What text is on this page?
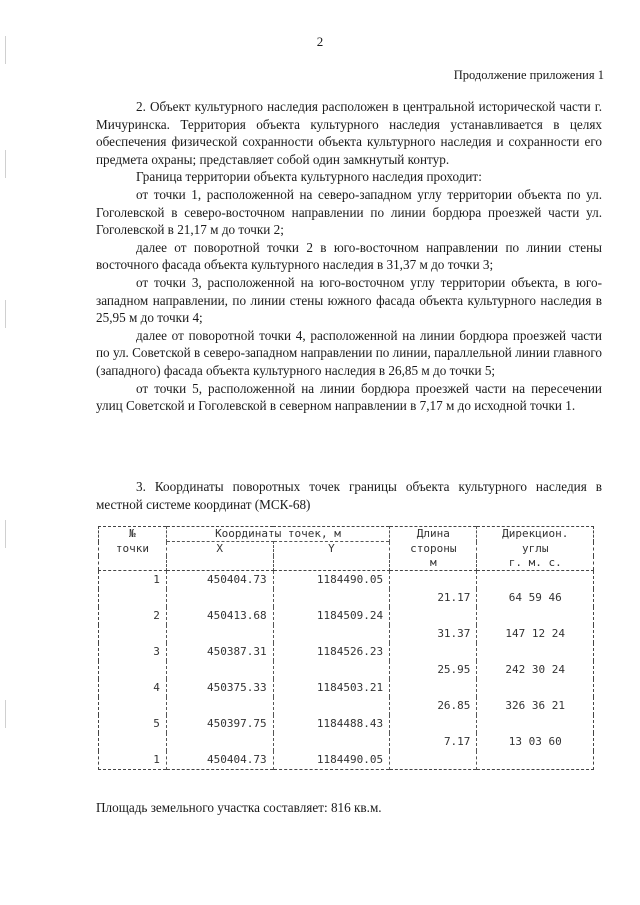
2
Продолжение приложения 1

2. Объект культурного наследия расположен в центральной исторической части г. Мичуринска. Территория объекта культурного наследия устанавливается в целях обеспечения физической сохранности объекта культурного наследия и сохранности его предмета охраны; представляет собой один замкнутый контур.

Граница территории объекта культурного наследия проходит:

от точки 1, расположенной на северо-западном углу территории объекта по ул. Гоголевской в северо-восточном направлении по линии бордюра проезжей части ул. Гоголевской в 21,17 м до точки 2;

далее от поворотной точки 2 в юго-восточном направлении по линии стены восточного фасада объекта культурного наследия в 31,37 м до точки 3;

от точки 3, расположенной на юго-восточном углу территории объекта, в юго-западном направлении, по линии стены южного фасада объекта культурного наследия в 25,95 м до точки 4;

далее от поворотной точки 4, расположенной на линии бордюра проезжей части по ул. Советской в северо-западном направлении по линии, параллельной линии главного (западного) фасада объекта культурного наследия в 26,85 м до точки 5;

от точки 5, расположенной на линии бордюра проезжей части на пересечении улиц Советской и Гоголевской в северном направлении в 7,17 м до исходной точки 1.

3. Координаты поворотных точек границы объекта культурного наследия в местной системе координат (МСК-68)

№	Координаты точек, м		Длина	Дирекцион.
точки	X	Y	стороны	углы
			м	г. м. с.
1	450404.73	1184490.05		
			21.17	64 59 46
2	450413.68	1184509.24		
			31.37	147 12 24
3	450387.31	1184526.23		
			25.95	242 30 24
4	450375.33	1184503.21		
			26.85	326 36 21
5	450397.75	1184488.43		
			7.17	13 03 60
1	450404.73	1184490.05		
Площадь земельного участка составляет: 816 кв.м.
